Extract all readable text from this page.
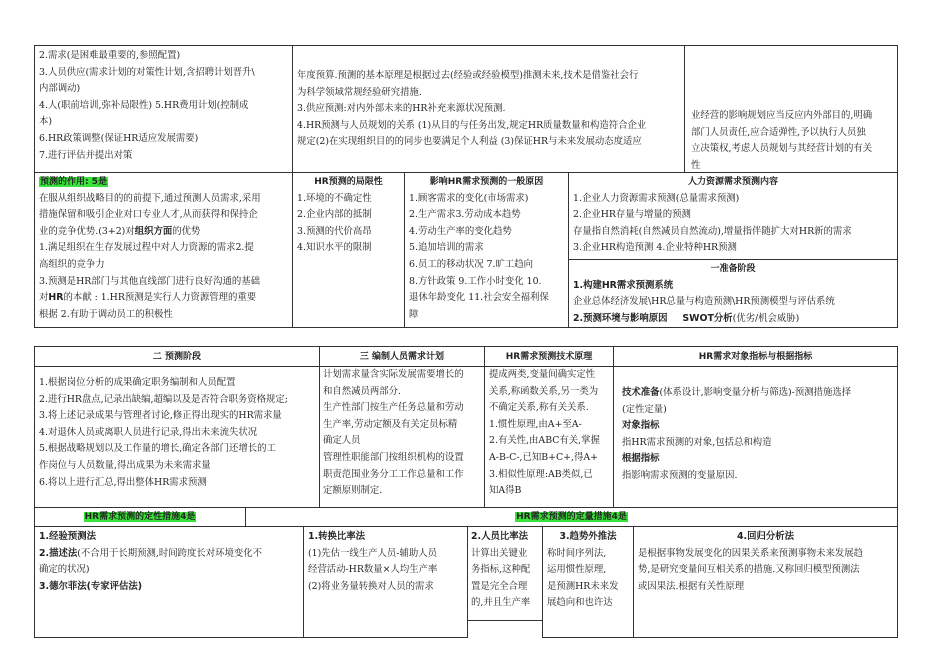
2.需求(是困难最重要的,参照配置)

3.人员供应(需求计划的对策性计划,含招聘计划晋升\

内部调动)

4.人(职前培训,弥补局限性) 5.HR费用计划(控制成

本)

6.HR政策调整(保证HR适应发展需要)

7.进行评估并提出对策

年度预算.预测的基本原理是根据过去(经验或经验模型)推测未来,技术是借鉴社会行

为科学领域常规经验研究措施.

3.供应预测:对内外部未来的HR补充来源状况预测.

4.HR预测与人员规划的关系 (1)从目的与任务出发,规定HR质量数量和构造符合企业

规定(2)在实现组织目的的同步也要满足个人利益 (3)保证HR与未来发展动态度适应

业经营的影响规划应当反应内外部目的,明确

部门人员责任,应合适弹性,予以执行人员独

立决策权,考虑人员规划与其经营计划的有关

性

预测的作用: 5是

在服从组织战略目的的前提下,通过预测人员需求,采用

措施保留和吸引企业对口专业人才,从而获得和保持企

业的竞争优势.(3+2)对组织方面的优势

1.满足组织在生存发展过程中对人力资源的需求2.提

高组织的竞争力

3.预测是HR部门与其他直线部门进行良好沟通的基础

对HR的本献 : 1.HR预测是实行人力资源管理的重要

根据 2.有助于调动员工的积极性

HR预测的局限性

1.环境的不确定性

2.企业内部的抵制

3.预测的代价高昂

4.知识水平的限制

影响HR需求预测的一般原因

1.顾客需求的变化(市场需求)

2.生产需求3.劳动成本趋势

4.劳动生产率的变化趋势

5.追加培训的需求

6.员工的移动状况 7.旷工趋向

8.方针政策 9.工作小时变化 10.

退休年龄变化 11.社会安全福利保

障

人力资源需求预测内容

1.企业人力资源需求预测(总量需求预测)

2.企业HR存量与增量的预测

存量指自然消耗(自然减员自然流动),增量指伴随扩大对HR新的需求

3.企业HR构造预测 4.企业特种HR预测

一准备阶段

1.构建HR需求预测系统

企业总体经济发展\HR总量与构造预测\HR预测模型与评估系统

2.预测环境与影响原因 SWOT分析(优劣/机会威胁)

二 预测阶段

1.根据岗位分析的成果确定职务编制和人员配置

2.进行HR盘点,记录出缺编,超编以及是否符合职务资格规定;

3.将上述记录成果与管理者讨论,修正得出现实的HR需求量

4.对退休人员或离职人员进行记录,得出未来流失状况

5.根据战略规划以及工作量的增长,确定各部门还增长的工

作岗位与人员数量,得出成果为未来需求量

6.将以上进行汇总,得出整体HR需求预测

三 编制人员需求计划

计划需求量含实际发展需要增长的

和自然减员两部分.

生产性部门按生产任务总量和劳动

生产率,劳动定额及有关定员标精

确定人员

管理性职能部门按组织机构的设置

职责范围业务分工工作总量和工作

定额原则制定.

HR需求预测技术原理

提成两类,变量间确实定性

关系,称函数关系,另一类为

不确定关系,称有关关系.

1.惯性原理,由A+至A-

2.有关性,由ABC有关,掌握

A-B-C-,已知B+C+,得A+

3.相似性原理:AB类似,已

知A得B

HR需求对象指标与根据指标

技术准备(体系设计,影响变量分析与筛选)-预测措施选择

(定性定量)

对象指标

指HR需求预测的对象,包括总和构造

根据指标

指影响需求预测的变量原因.

HR需求预测的定性措施4是	HR需求预测的定量措施4是

1.经验预测法

2.描述法(不合用于长期预测,时间跨度长对环境变化不

确定的状况)

3.德尔菲法(专家评估法)

1.转换比率法

(1)先估一线生产人员-辅助人员

经营活动-HR数量×人均生产率

(2)将业务量转换对人员的需求

2.人员比率法

计算出关键业

务指标,这种配

置是完全合理

的,并且生产率

3.趋势外推法

称时间序列法,

运用惯性原理,

是预测HR未来发

展趋向和也许达

4.回归分析法

是根据事物发展变化的因果关系来预测事物未来发展趋

势,是研究变量间互相关系的措施.又称回归模型预测法

或因果法.根据有关性原理
